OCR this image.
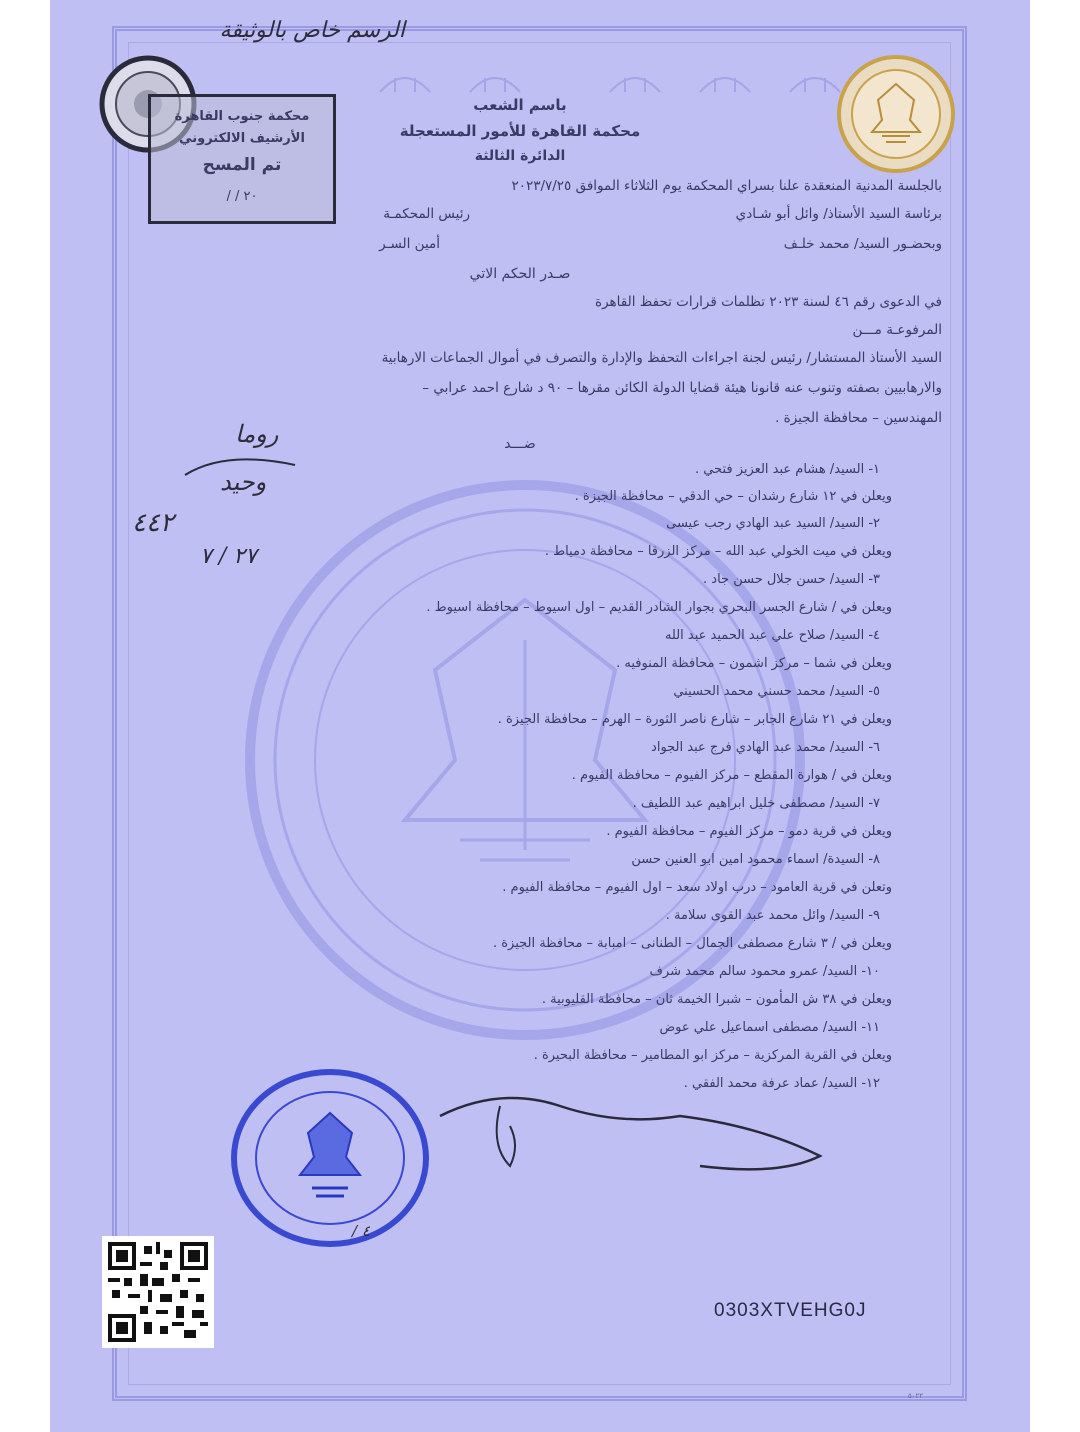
محكمة جنوب القاهرة
الأرشيف الالكتروني
تم المسح
٢٠ / /
الرسم خاص بالوثيقة
باسم الشعب
محكمة القاهرة للأمور المستعجلة
الدائرة الثالثة
بالجلسة المدنية المنعقدة علنا بسراي المحكمة يوم الثلاثاء الموافق ٢٠٢٣/٧/٢٥
برئاسة السيد الأستاذ/ وائل أبو شـادي
رئيس المحكمـة
وبحضـور السيد/ محمد خلـف
أمين السـر
صـدر الحكم الاتي
في الدعوى رقم ٤٦ لسنة ٢٠٢٣ تظلمات قرارات تحفظ القاهرة
المرفوعـة مـــن
السيد الأستاذ المستشار/ رئيس لجنة اجراءات التحفظ والإدارة والتصرف في أموال الجماعات الارهابية
والارهابيين بصفته وتنوب عنه قانونا هيئة قضايا الدولة الكائن مقرها – ٩٠ د شارع احمد عرابي –
المهندسين – محافظة الجيزة .
ضـــد
١- السيد/ هشام عبد العزيز فتحي .
ويعلن في ١٢ شارع رشدان – حي الدقي – محافظة الجيزة .
٢- السيد/ السيد عبد الهادي رجب عيسى
ويعلن في ميت الخولي عبد الله – مركز الزرقا – محافظة دمياط .
٣- السيد/ حسن جلال حسن جاد .
ويعلن في / شارع الجسر البحري بجوار الشادر القديم – اول اسيوط – محافظة اسيوط .
٤- السيد/ صلاح علي عبد الحميد عبد الله
ويعلن في شما – مركز اشمون – محافظة المنوفيه .
٥- السيد/ محمد حسني محمد الحسيني
ويعلن في ٢١ شارع الجابر – شارع ناصر الثورة – الهرم – محافظة الجيزة .
٦- السيد/ محمد عبد الهادي فرج عبد الجواد
ويعلن في / هوارة المقطع – مركز الفيوم – محافظة الفيوم .
٧- السيد/ مصطفى خليل ابراهيم عبد اللطيف .
ويعلن في قرية دمو – مركز الفيوم – محافظة الفيوم .
٨- السيدة/ اسماء محمود امين ابو العنين حسن
وتعلن في قرية العامود – درب اولاد سعد – اول الفيوم – محافظة الفيوم .
٩- السيد/ وائل محمد عبد القوى سلامة .
ويعلن في / ٣ شارع مصطفى الجمال – الطنانى – امبابة – محافظة الجيزة .
١٠- السيد/ عمرو محمود سالم محمد شرف
ويعلن في ٣٨ ش المأمون – شبرا الخيمة ثان – محافظة القليوبية .
١١- السيد/ مصطفى اسماعيل علي عوض
ويعلن في القرية المركزية – مركز ابو المطامير – محافظة البحيرة .
١٢- السيد/ عماد عرفة محمد الفقي .
روما
وحيد
٤٤٢
٢٧ / ٧
٤ /
0303XTVEHG0J
٥٠٢٢
